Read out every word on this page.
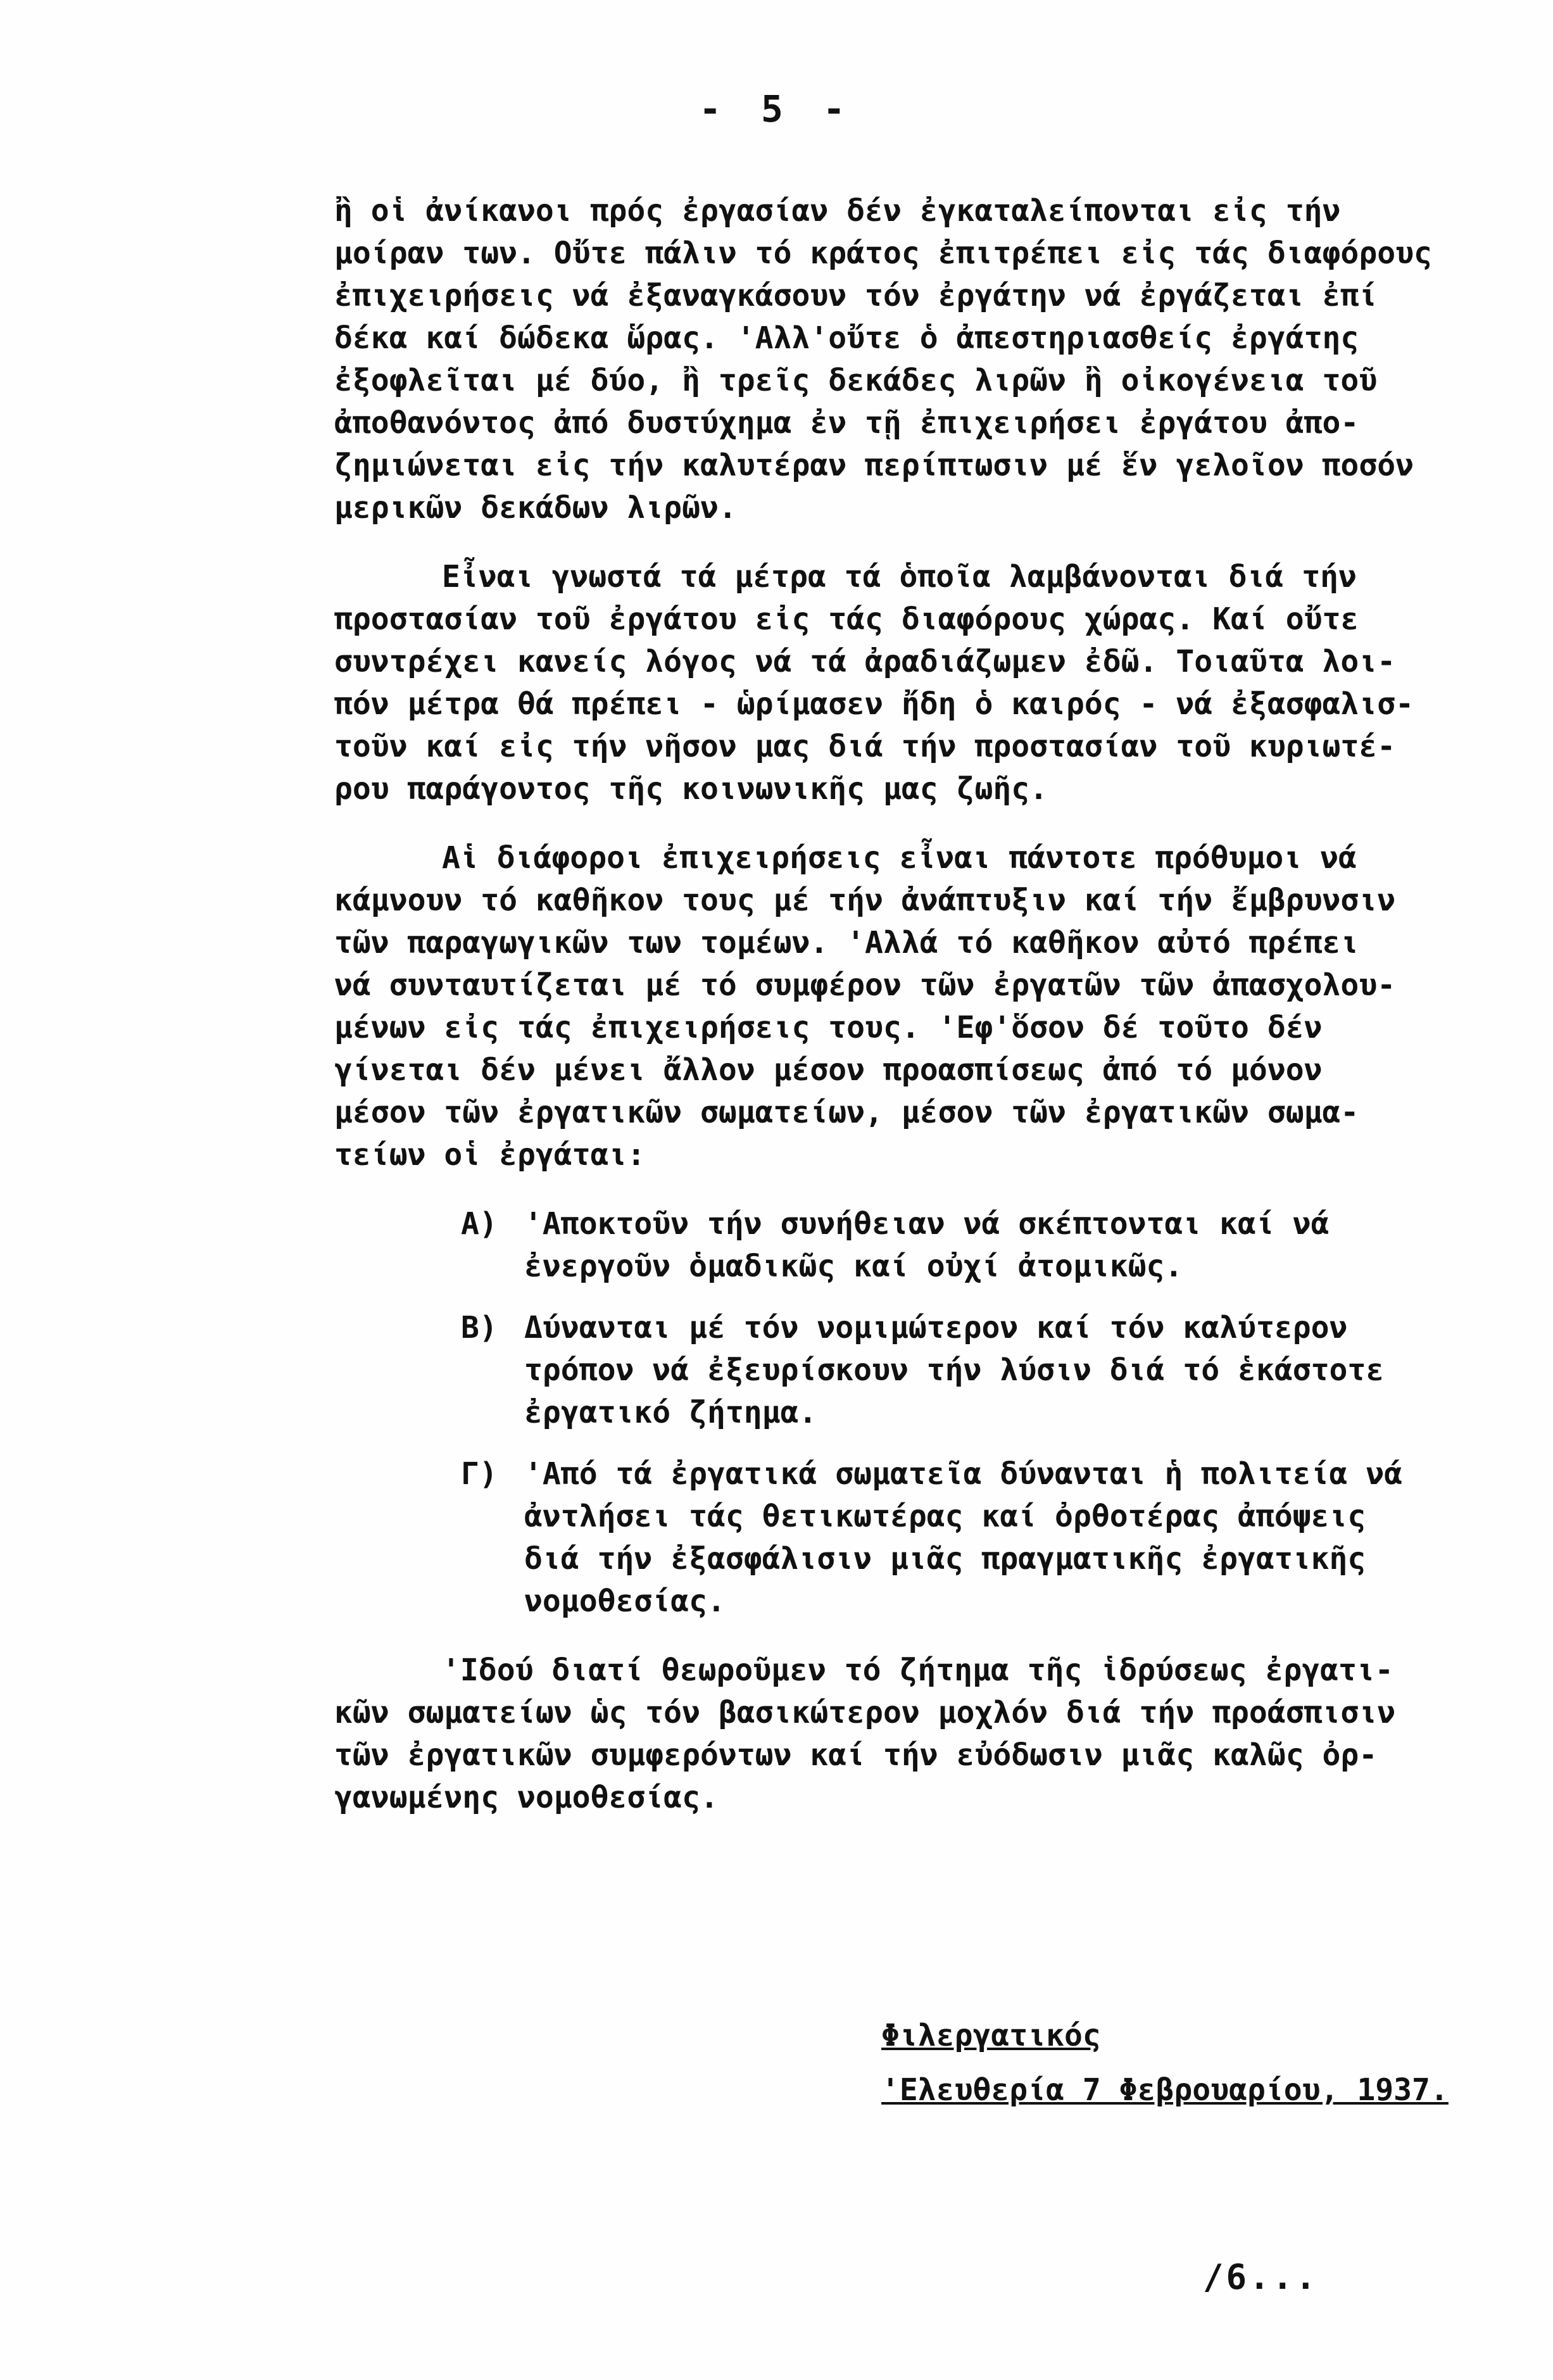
- 5 -
ἢ οἱ ἀνίκανοι πρός ἐργασίαν δέν ἐγκαταλείπονται εἰς τήν
μοίραν των. Οὔτε πάλιν τό κράτος ἐπιτρέπει εἰς τάς διαφόρους
ἐπιχειρήσεις νά ἐξαναγκάσουν τόν ἐργάτην νά ἐργάζεται ἐπί
δέκα καί δώδεκα ὥρας. 'Αλλ'οὔτε ὁ ἀπεστηριασθείς ἐργάτης
ἐξοφλεῖται μέ δύο, ἢ τρεῖς δεκάδες λιρῶν ἢ οἰκογένεια τοῦ
ἀποθανόντος ἀπό δυστύχημα ἐν τῇ ἐπιχειρήσει ἐργάτου ἀπο-
ζημιώνεται εἰς τήν καλυτέραν περίπτωσιν μέ ἕν γελοῖον ποσόν
μερικῶν δεκάδων λιρῶν.
Εἶναι γνωστά τά μέτρα τά ὁποῖα λαμβάνονται διά τήν
προστασίαν τοῦ ἐργάτου εἰς τάς διαφόρους χώρας. Καί οὔτε
συντρέχει κανείς λόγος νά τά ἀραδιάζωμεν ἐδῶ. Τοιαῦτα λοι-
πόν μέτρα θά πρέπει - ὡρίμασεν ἤδη ὁ καιρός - νά ἐξασφαλισ-
τοῦν καί εἰς τήν νῆσον μας διά τήν προστασίαν τοῦ κυριωτέ-
ρου παράγοντος τῆς κοινωνικῆς μας ζωῆς.
Αἱ διάφοροι ἐπιχειρήσεις εἶναι πάντοτε πρόθυμοι νά
κάμνουν τό καθῆκον τους μέ τήν ἀνάπτυξιν καί τήν ἔμβρυνσιν
τῶν παραγωγικῶν των τομέων. 'Αλλά τό καθῆκον αὐτό πρέπει
νά συνταυτίζεται μέ τό συμφέρον τῶν ἐργατῶν τῶν ἀπασχολου-
μένων εἰς τάς ἐπιχειρήσεις τους. 'Εφ'ὅσον δέ τοῦτο δέν
γίνεται δέν μένει ἄλλον μέσον προασπίσεως ἀπό τό μόνον
μέσον τῶν ἐργατικῶν σωματείων, μέσον τῶν ἐργατικῶν σωμα-
τείων οἱ ἐργάται:
Α) 'Αποκτοῦν τήν συνήθειαν νά σκέπτονται καί νά
ἐνεργοῦν ὁμαδικῶς καί οὐχί ἀτομικῶς.
Β) Δύνανται μέ τόν νομιμώτερον καί τόν καλύτερον
τρόπον νά ἐξευρίσκουν τήν λύσιν διά τό ἑκάστοτε
ἐργατικό ζήτημα.
Γ) 'Από τά ἐργατικά σωματεῖα δύνανται ἡ πολιτεία νά
ἀντλήσει τάς θετικωτέρας καί ὀρθοτέρας ἀπόψεις
διά τήν ἐξασφάλισιν μιᾶς πραγματικῆς ἐργατικῆς
νομοθεσίας.
'Ιδού διατί θεωροῦμεν τό ζήτημα τῆς ἱδρύσεως ἐργατι-
κῶν σωματείων ὡς τόν βασικώτερον μοχλόν διά τήν προάσπισιν
τῶν ἐργατικῶν συμφερόντων καί τήν εὐόδωσιν μιᾶς καλῶς ὀρ-
γανωμένης νομοθεσίας.
Φιλεργατικός
'Ελευθερία 7 Φεβρουαρίου, 1937.
/6...
